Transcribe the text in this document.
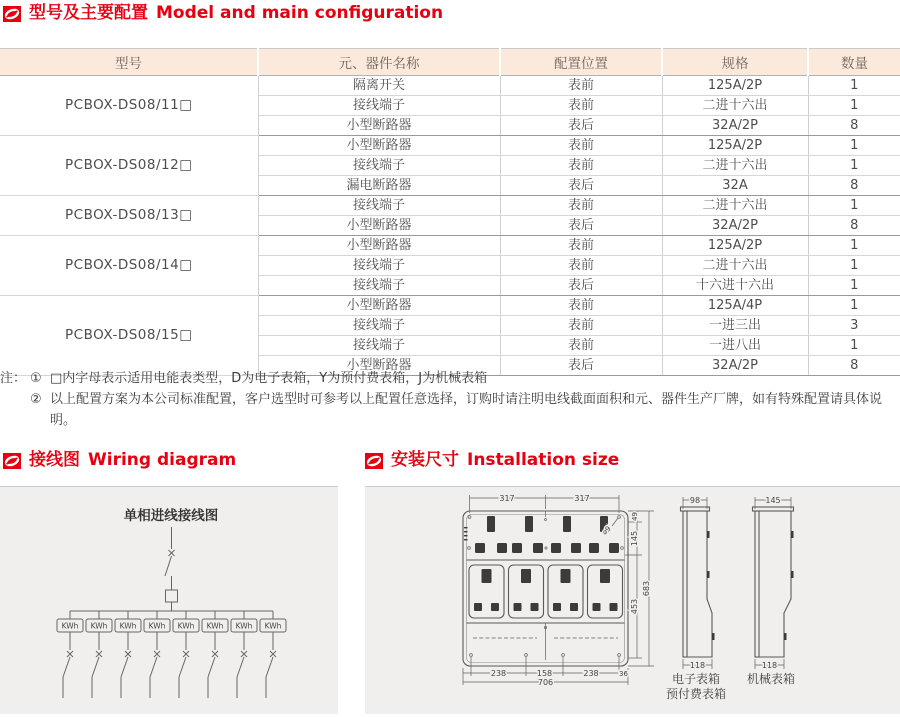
型号及主要配置 Model and main configuration
型号	元、器件名称	配置位置	规格	数量
PCBOX-DS08/11□	隔离开关	表前	125A/2P	1
	接线端子	表前	二进十六出	1
	小型断路器	表后	32A/2P	8
PCBOX-DS08/12□	小型断路器	表前	125A/2P	1
	接线端子	表前	二进十六出	1
	漏电断路器	表后	32A	8
PCBOX-DS08/13□	接线端子	表前	二进十六出	1
	小型断路器	表后	32A/2P	8
PCBOX-DS08/14□	小型断路器	表前	125A/2P	1
	接线端子	表前	二进十六出	1
	接线端子	表后	十六进十六出	1
PCBOX-DS08/15□	小型断路器	表前	125A/4P	1
	接线端子	表前	一进三出	3
	接线端子	表前	一进八出	1
	小型断路器	表后	32A/2P	8
注： ① □内字母表示适用电能表类型，D为电子表箱，Y为预付费表箱，J为机械表箱
② 以上配置方案为本公司标准配置，客户选型时可参考以上配置任意选择，订购时请注明电线截面面积和元、器件生产厂牌，如有特殊配置请具体说明。
接线图 Wiring diagram	安装尺寸 Installation size
单相进线接线图
KWh KWh KWh KWh KWh KWh KWh KWh
⌀9
317	317
49
145
453
683
238	158	238	36
706
98
118
电子表箱
预付费表箱
145
118
机械表箱
